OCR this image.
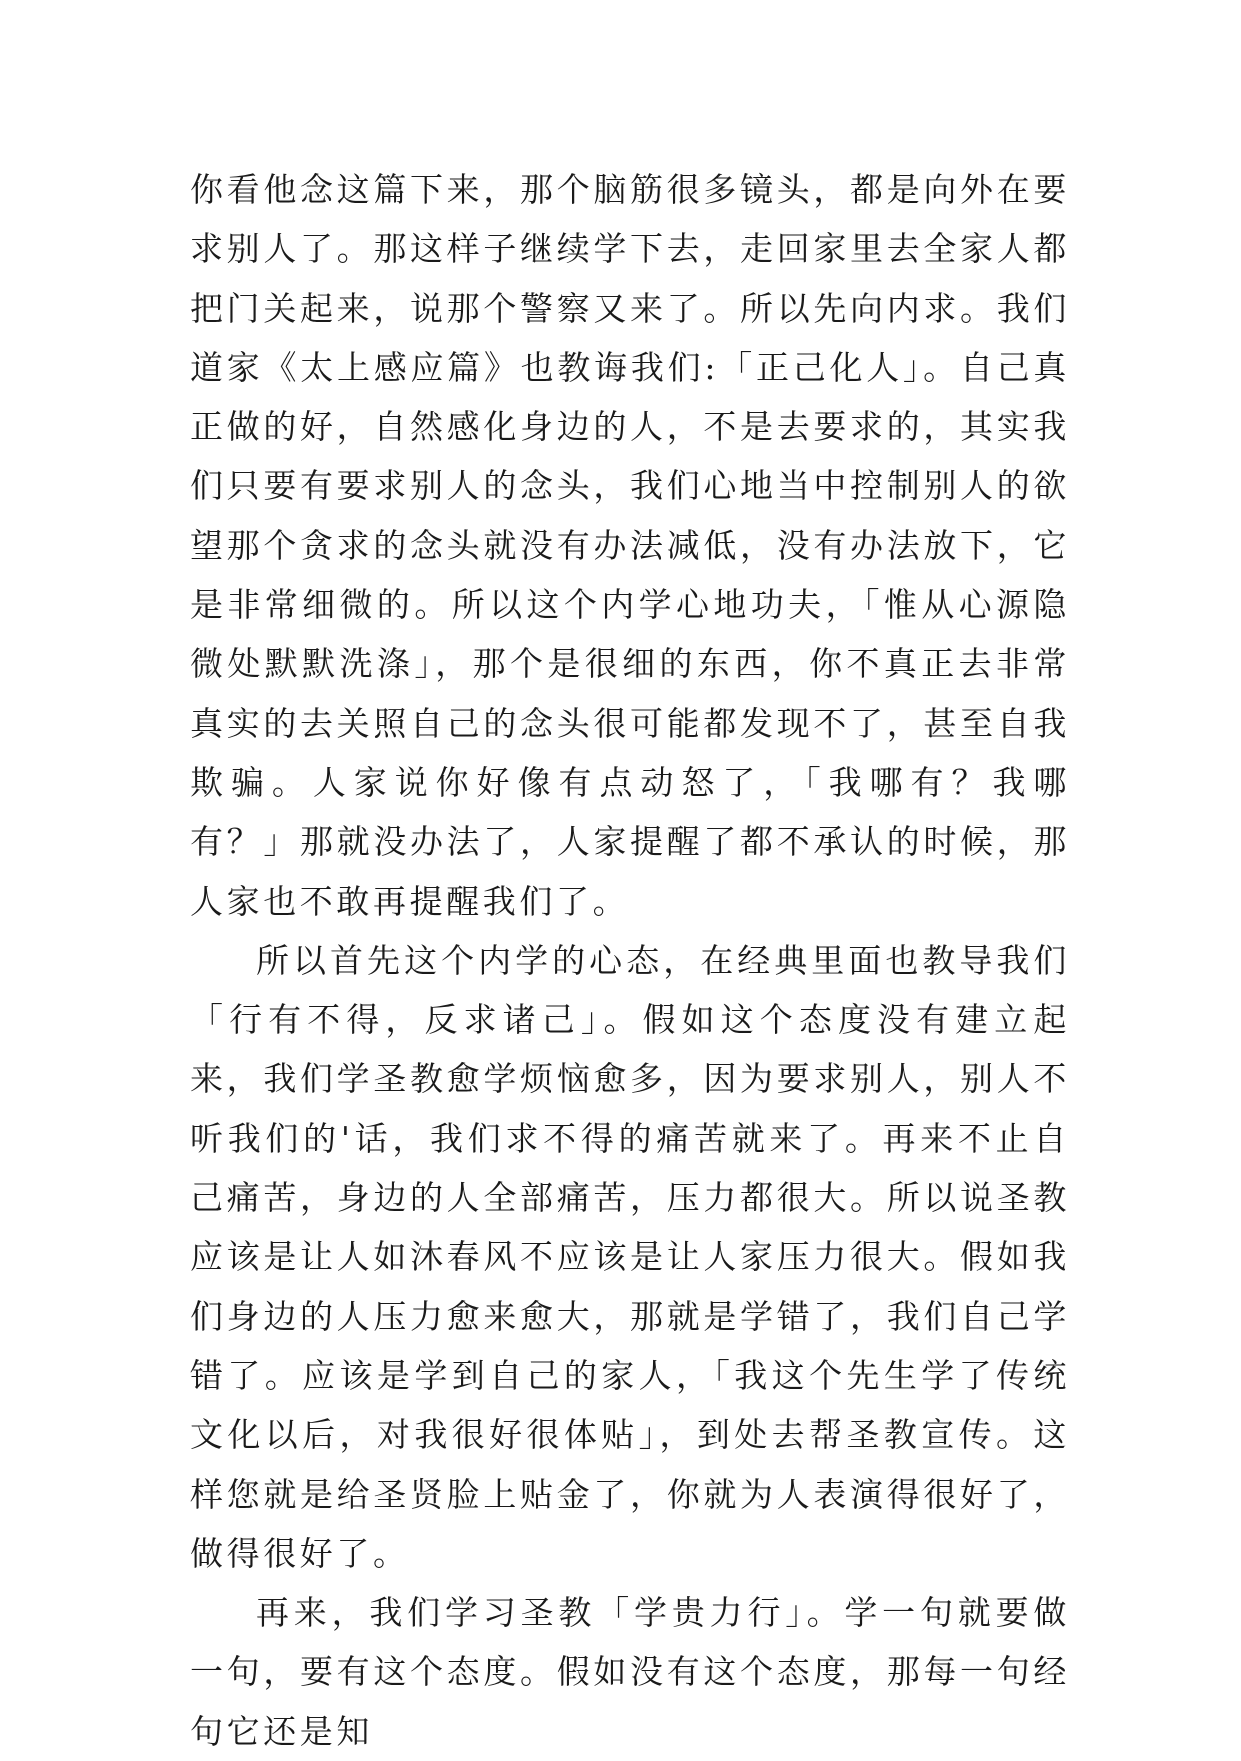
你看他念这篇下来，那个脑筋很多镜头，都是向外在要求别人了。那这样子继续学下去，走回家里去全家人都把门关起来，说那个警察又来了。所以先向内求。我们道家《太上感应篇》也教诲我们:「正己化人」。自己真正做的好，自然感化身边的人，不是去要求的，其实我们只要有要求别人的念头，我们心地当中控制别人的欲望那个贪求的念头就没有办法减低，没有办法放下，它是非常细微的。所以这个内学心地功夫，「惟从心源隐微处默默洗涤」，那个是很细的东西，你不真正去非常真实的去关照自己的念头很可能都发现不了，甚至自我欺骗。人家说你好像有点动怒了，「我哪有？我哪有？」那就没办法了，人家提醒了都不承认的时候，那人家也不敢再提醒我们了。

所以首先这个内学的心态，在经典里面也教导我们「行有不得，反求诸己」。假如这个态度没有建立起来，我们学圣教愈学烦恼愈多，因为要求别人，别人不听我们的'话，我们求不得的痛苦就来了。再来不止自己痛苦，身边的人全部痛苦，压力都很大。所以说圣教应该是让人如沐春风不应该是让人家压力很大。假如我们身边的人压力愈来愈大，那就是学错了，我们自己学错了。应该是学到自己的家人，「我这个先生学了传统文化以后，对我很好很体贴」，到处去帮圣教宣传。这样您就是给圣贤脸上贴金了，你就为人表演得很好了，做得很好了。

再来，我们学习圣教「学贵力行」。学一句就要做一句，要有这个态度。假如没有这个态度，那每一句经句它还是知
